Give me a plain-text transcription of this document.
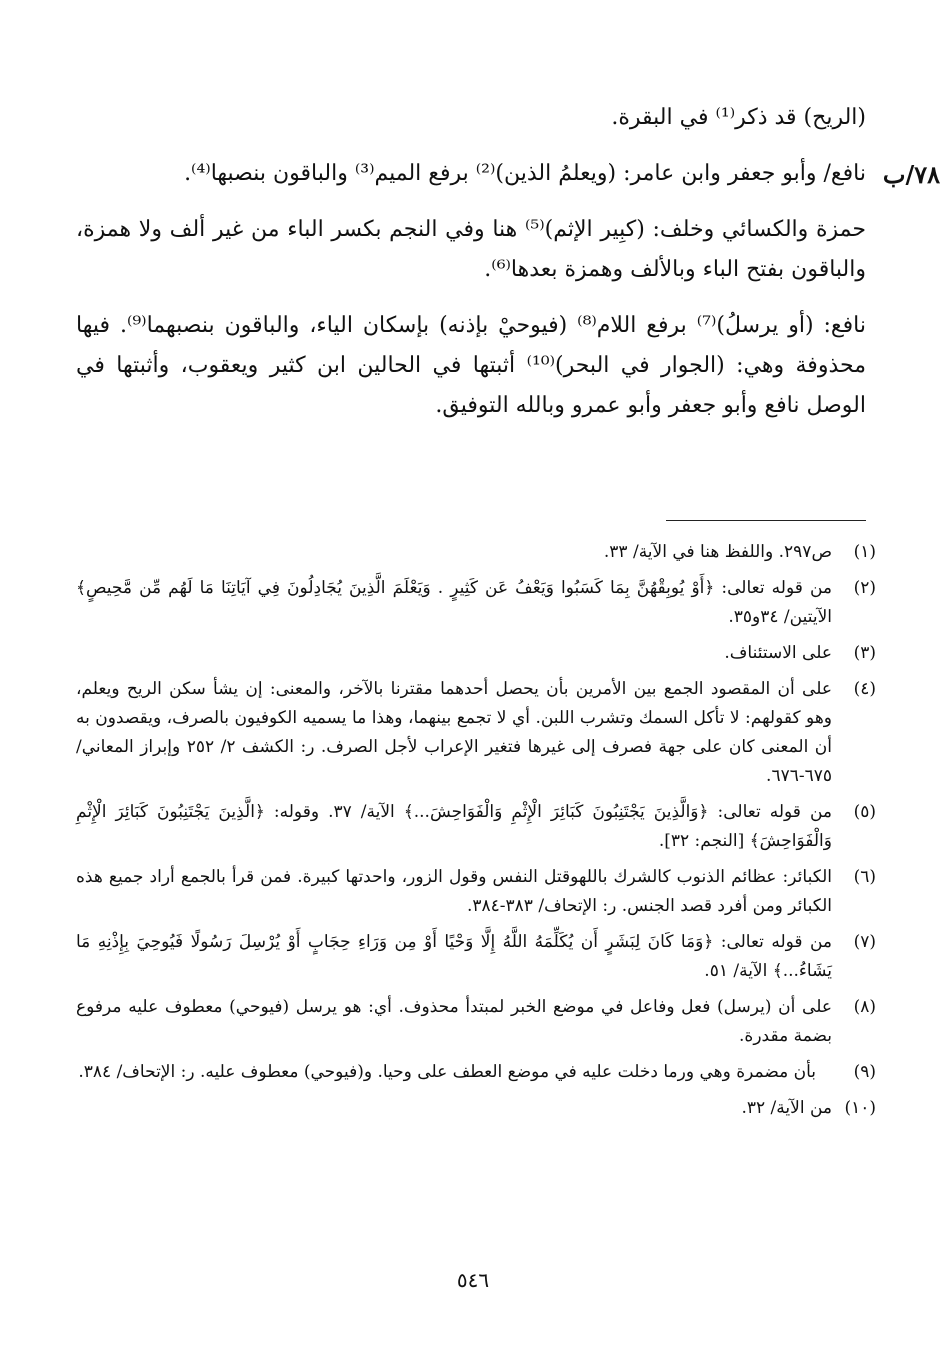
٧٨/ب

(الريح) قد ذكر⁽¹⁾ في البقرة.

نافع/ وأبو جعفر وابن عامر: (ويعلمُ الذين)⁽²⁾ برفع الميم⁽³⁾ والباقون بنصبها⁽⁴⁾.

حمزة والكسائي وخلف: (كبِير الإثم)⁽⁵⁾ هنا وفي النجم بكسر الباء من غير ألف ولا همزة، والباقون بفتح الباء وبالألف وهمزة بعدها⁽⁶⁾.

نافع: (أو يرسلُ)⁽⁷⁾ برفع اللام⁽⁸⁾ (فيوحيْ بإذنه) بإسكان الياء، والباقون بنصبهما⁽⁹⁾. فيها محذوفة وهي: (الجوار في البحر)⁽¹⁰⁾ أثبتها في الحالين ابن كثير ويعقوب، وأثبتها في الوصل نافع وأبو جعفر وأبو عمرو وبالله التوفيق.

(١)
ص٢٩٧. واللفظ هنا في الآية/ ٣٣.
(٢)
من قوله تعالى: ﴿أَوْ يُوبِقْهُنَّ بِمَا كَسَبُوا وَيَعْفُ عَن كَثِيرٍ . وَيَعْلَمَ الَّذِينَ يُجَادِلُونَ فِي آيَاتِنَا مَا لَهُم مِّن مَّحِيصٍ﴾ الآيتين/ ٣٤و٣٥.
(٣)
على الاستئناف.
(٤)
على أن المقصود الجمع بين الأمرين بأن يحصل أحدهما مقترنا بالآخر، والمعنى: إن يشأ سكن الريح ويعلم، وهو كقولهم: لا تأكل السمك وتشرب اللبن. أي لا تجمع بينهما، وهذا ما يسميه الكوفيون بالصرف، ويقصدون به أن المعنى كان على جهة فصرف إلى غيرها فتغير الإعراب لأجل الصرف. ر: الكشف ٢/ ٢٥٢ وإبراز المعاني/ ٦٧٥-٦٧٦.
(٥)
من قوله تعالى: ﴿وَالَّذِينَ يَجْتَنِبُونَ كَبَائِرَ الْإِثْمِ وَالْفَوَاحِشَ...﴾ الآية/ ٣٧. وقوله: ﴿الَّذِينَ يَجْتَنِبُونَ كَبَائِرَ الْإِثْمِ وَالْفَوَاحِشَ﴾ [النجم: ٣٢].
(٦)
الكبائر: عظائم الذنوب كالشرك باللهوقتل النفس وقول الزور، واحدتها كبيرة. فمن قرأ بالجمع أراد جميع هذه الكبائر ومن أفرد قصد الجنس. ر: الإتحاف/ ٣٨٣-٣٨٤.
(٧)
من قوله تعالى: ﴿وَمَا كَانَ لِبَشَرٍ أَن يُكَلِّمَهُ اللَّهُ إِلَّا وَحْيًا أَوْ مِن وَرَاءِ حِجَابٍ أَوْ يُرْسِلَ رَسُولًا فَيُوحِيَ بِإِذْنِهِ مَا يَشَاءُ...﴾ الآية/ ٥١.
(٨)
على أن (يرسل) فعل وفاعل في موضع الخبر لمبتدأ محذوف. أي: هو يرسل (فيوحي) معطوف عليه مرفوع بضمة مقدرة.
(٩)
بأن مضمرة وهي ورما دخلت عليه في موضع العطف على وحيا. و(فيوحي) معطوف عليه. ر: الإتحاف/ ٣٨٤.
(١٠)
من الآية/ ٣٢.
٥٤٦
